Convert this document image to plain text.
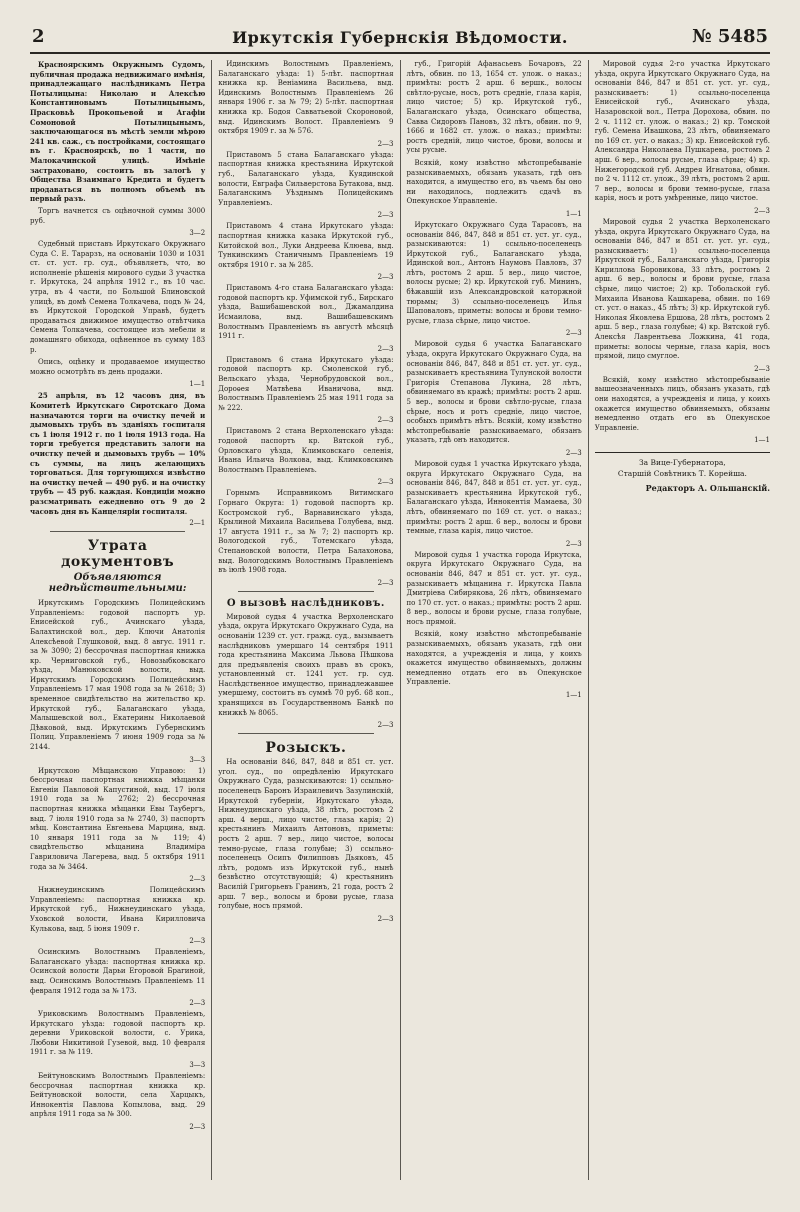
2	Иркутскія Губернскія Вѣдомости.	№ 5485

Красноярскимъ Окружнымъ Судомъ, публичная продажа недвижимаго имѣнія, принадлежащаго наслѣдникамъ Петра Потылицына: Николаю и Алексѣю Константиновымъ Потылицынымъ, Прасковьѣ Прокопьевой и Агафіи Сомоновой Потылицынымъ, заключающагося въ мѣстѣ земли мѣрою 241 кв. саж., съ постройками, состоящаго въ г. Красноярскѣ, по 1 части, по Малокачинской улицѣ. Имѣніе застраховано, состоитъ въ залогѣ у Общества Взаимнаго Кредита и будетъ продаваться въ полномъ объемѣ въ первый разъ.

Торгъ начнется съ оцѣночной суммы 3000 руб.

3—2

Судебный приставъ Иркутскаго Окружнаго Суда С. Е. Тарарзъ, на основаніи 1030 и 1031 ст. ст. уст. гр. суд., объявляетъ, что, во исполненіе рѣшенія мирового судьи 3 участка г. Иркутска, 24 апрѣля 1912 г., въ 10 час. утра, въ 4 части, по Большой Блиновской улицѣ, въ домѣ Семена Толкачева, подъ № 24, въ Иркутской Городской Управѣ, будетъ продаваться движимое имущество отвѣтчика Семена Толкачева, состоящее изъ мебели и домашняго обихода, оцѣненное въ сумму 183 р.

Опись, оцѣнку и продаваемое имущество можно осмотрѣть въ день продажи.

1—1

25 апрѣля, въ 12 часовъ дня, въ Комитетѣ Иркутскаго Сиротскаго Дома назначаются торги на очистку печей и дымовыхъ трубъ въ зданіяхъ госпиталя съ 1 іюля 1912 г. по 1 іюля 1913 года. На торги требуется представить залоги на очистку печей и дымовыхъ трубъ — 10% съ суммы, на лицъ желающихъ торговаться. Для торгующихся извѣстно на очистку печей — 490 руб. и на очистку трубъ — 45 руб. каждая. Кондиціи можно разсматривать ежедневно отъ 9 до 2 часовъ дня въ Канцеляріи госпиталя.

2—1
Утрата документовъ
Объявляются недѣйствительными:

Иркутскимъ Городскимъ Полицейскимъ Управленіемъ: годовой паспортъ ур. Енисейской губ., Ачинскаго уѣзда, Балахтинской вол., дер. Ключи Анатолія Алексѣевой Глушковой, выд. 8 авгус. 1911 г. за № 3090; 2) бессрочная паспортная книжка кр. Черниговской губ., Новозыбковскаго уѣзда, Манюковской волости, выд. Иркутскимъ Городскимъ Полицейскимъ Управленіемъ 17 мая 1908 года за № 2618; 3) временное свидѣтельство на жительство кр. Иркутской губ., Балаганскаго уѣзда, Малышевской вол., Екатерины Николаевой Дѣвковой, выд. Иркутскимъ Губернскимъ Полиц. Управленіемъ 7 июня 1909 года за № 2144.

3—3

Иркутскою Мѣщанскою Управою: 1) бессрочная паспортная книжка мѣщанки Евгеніи Павловой Капустиной, выд. 17 іюля 1910 года за № 2762; 2) бессрочная паспортная книжка мѣщанки Евы Таубергъ, выд. 7 іюля 1910 года за № 2740, 3) паспортъ мѣщ. Константина Евгеньева Марцина, выд. 10 января 1911 года за № 119; 4) свидѣтельство мѣщанина Владиміра Гавриловича Лагерева, выд. 5 октября 1911 года за № 3464.

2—3

Нижнеудинскимъ Полицейскимъ Управленіемъ: паспортная книжка кр. Иркутской губ., Нижнеудинскаго уѣзда, Уховской волости, Ивана Кирилловича Кулькова, выд. 5 іюня 1909 г.

2—3

Осинскимъ Волостнымъ Правленіемъ, Балаганскаго уѣзда: паспортная книжка кр. Осинской волости Дарьи Егоровой Брагиной, выд. Осинскимъ Волостнымъ Правленіемъ 11 февраля 1912 года за № 173.

2—3

Уриковскимъ Волостнымъ Правленіемъ, Иркутскаго уѣзда: годовой паспортъ кр. деревни Уриковской волости, с. Урика, Любови Никитиной Гузевой, выд. 10 февраля 1911 г. за № 119.

3—3

Бейтуновскимъ Волостнымъ Правленіемъ: бессрочная паспортная книжка кр. Бейтуновской волости, села Харцыкъ, Иннокентія Павлова Копылова, выд. 29 апрѣля 1911 года за № 300.

2—3

Идинскимъ Волостнымъ Правленіемъ, Балаганскаго уѣзда: 1) 5-лѣт. паспортная книжка кр. Веніамина Васильева, выд. Идинскимъ Волостнымъ Правленіемъ 26 января 1906 г. за № 79; 2) 5-лѣт. паспортная книжка кр. Бодоя Савватьевой Скороновой, выд. Идинскимъ Волост. Правленіемъ 9 октября 1909 г. за № 576.

2—3

Приставомъ 5 стана Балаганскаго уѣзда: паспортная книжка крестьянина Иркутской губ., Балаганскаго уѣзда, Куядинской волости, Евграфа Сильверстова Бутакова, выд. Балаганскимъ Уѣзднымъ Полицейскимъ Управленіемъ.

2—3

Приставомъ 4 стана Иркутскаго уѣзда: паспортная книжка казака Иркутской губ., Китойской вол., Луки Андреева Клюева, выд. Тункинскимъ Станичнымъ Правленіемъ 19 октября 1910 г. за № 285.

2—3

Приставомъ 4-го стана Балаганскаго уѣзда: годовой паспортъ кр. Уфимской губ., Бирскаго уѣзда, Вашибашевской вол., Джамалдина Исмаилова, выд. Вашибашевскимъ Волостнымъ Правленіемъ въ августѣ мѣсяцѣ 1911 г.

2—3

Приставомъ 6 стана Иркутскаго уѣзда: годовой паспортъ кр. Смоленской губ., Вельскаго уѣзда, Чернобрудовской вол., Дороѳея Матвѣева Иваничова, выд. Волостнымъ Правленіемъ 25 мая 1911 года за № 222.

2—3

Приставомъ 2 стана Верхоленскаго уѣзда: годовой паспортъ кр. Вятской губ., Орловскаго уѣзда, Климковскаго селенія, Ивана Ильича Волкова, выд. Климковскимъ Волостнымъ Правленіемъ.

2—3

Горнымъ Исправникомъ Витимскаго Горнаго Округа: 1) годовой паспортъ кр. Костромской губ., Варнавинскаго уѣзда, Крылиной Михаила Васильева Голубева, выд. 17 августа 1911 г., за № 7; 2) паспортъ кр. Вологодской губ., Тотемскаго уѣзда, Степановской волости, Петра Балахонова, выд. Вологодскимъ Волостнымъ Правленіемъ въ іюлѣ 1908 года.

2—3
О вызовѣ наслѣдниковъ.

Мировой судья 4 участка Верхоленскаго уѣзда, округа Иркутскаго Окружнаго Суда, на основаніи 1239 ст. уст. гражд. суд., вызываетъ наслѣдниковъ умершаго 14 сентября 1911 года крестьянина Максима Львова Пѣшкова для предъявленія своихъ правъ въ срокъ, установленный ст. 1241 уст. гр. суд. Наслѣдственное имущество, принадлежавшее умершему, состоитъ въ суммѣ 70 руб. 68 коп., хранящихся въ Государственномъ Банкѣ по книжкѣ № 8065.

2—3
Розыскъ.

На основаніи 846, 847, 848 и 851 ст. уст. угол. суд., по опредѣленію Иркутскаго Окружнаго Суда, разыскиваются: 1) ссыльно-поселенецъ Баронъ Израилевичъ Зазулинскій, Иркутской губерніи, Иркутскаго уѣзда, Нижнеудинскаго уѣзда, 38 лѣтъ, ростомъ 2 арш. 4 верш., лицо чистое, глаза карія; 2) крестьянинъ Михаилъ Антоновъ, приметы: ростъ 2 арш. 7 вер., лицо чистое, волосы темно-русые, глаза голубые; 3) ссыльно-поселенецъ Осипъ Филипповъ Дьяковъ, 45 лѣтъ, родомъ изъ Иркутской губ., нынѣ безвѣстно отсутствующій; 4) крестьянинъ Василій Григорьевъ Гранинъ, 21 года, ростъ 2 арш. 7 вер., волосы и брови русые, глаза голубые, носъ прямой.

2—3

губ., Григорій Афанасьевъ Бочаровъ, 22 лѣтъ, обвин. по 13, 1654 ст. улож. о наказ.; примѣты: ростъ 2 арш. 6 вершк., волосы свѣтло-русые, носъ, ротъ средніе, глаза карія, лицо чистое; 5) кр. Иркутской губ., Балаганскаго уѣзда, Осинскаго общества, Савва Сидоровъ Пановъ, 32 лѣтъ, обвин. по 9, 1666 и 1682 ст. улож. о наказ.; примѣты: ростъ средній, лицо чистое, брови, волосы и усы русые.

Всякій, кому извѣстно мѣстопребываніе разыскиваемыхъ, обязанъ указать, гдѣ онъ находится, а имущество его, въ чьемъ бы оно ни находилось, подлежитъ сдачѣ въ Опекунское Управленіе.

1—1

Иркутскаго Окружнаго Суда Тарасовъ, на основаніи 846, 847, 848 и 851 ст. уст. уг. суд., разыскиваются: 1) ссыльно-поселенецъ Иркутской губ., Балаганскаго уѣзда, Идинской вол., Антонъ Наумовъ Павловъ, 37 лѣтъ, ростомъ 2 арш. 5 вер., лицо чистое, волосы русые; 2) кр. Иркутской губ. Мининъ, бѣжавшій изъ Александровской каторжной тюрьмы; 3) ссыльно-поселенецъ Илья Шаповаловъ, приметы: волосы и брови темно-русые, глаза сѣрые, лицо чистое.

2—3

Мировой судья 6 участка Балаганскаго уѣзда, округа Иркутскаго Окружнаго Суда, на основаніи 846, 847, 848 и 851 ст. уст. уг. суд., разыскиваетъ крестьянина Тулунской волости Григорія Степанова Лукина, 28 лѣтъ, обвиняемаго въ кражѣ; примѣты: ростъ 2 арш. 5 вер., волосы и брови свѣтло-русые, глаза сѣрые, носъ и ротъ средніе, лицо чистое, особыхъ примѣтъ нѣтъ. Всякій, кому извѣстно мѣстопребываніе разыскиваемаго, обязанъ указать, гдѣ онъ находится.

2—3

Мировой судья 1 участка Иркутскаго уѣзда, округа Иркутскаго Окружнаго Суда, на основаніи 846, 847, 848 и 851 ст. уст. уг. суд., разыскиваетъ крестьянина Иркутской губ., Балаганскаго уѣзда, Иннокентія Мамаева, 30 лѣтъ, обвиняемаго по 169 ст. уст. о наказ.; примѣты: ростъ 2 арш. 6 вер., волосы и брови темные, глаза карія, лицо чистое.

2—3

Мировой судья 1 участка города Иркутска, округа Иркутскаго Окружнаго Суда, на основаніи 846, 847 и 851 ст. уст. уг. суд., разыскиваетъ мѣщанина г. Иркутска Павла Дмитріева Сибирякова, 26 лѣтъ, обвиняемаго по 170 ст. уст. о наказ.; примѣты: ростъ 2 арш. 8 вер., волосы и брови русые, глаза голубые, носъ прямой.

Всякій, кому извѣстно мѣстопребываніе разыскиваемыхъ, обязанъ указать, гдѣ они находятся, а учрежденія и лица, у коихъ окажется имущество обвиняемыхъ, должны немедленно отдать его въ Опекунское Управленіе.

1—1

Мировой судья 2-го участка Иркутскаго уѣзда, округа Иркутскаго Окружнаго Суда, на основаніи 846, 847 и 851 ст. уст. уг. суд., разыскиваетъ: 1) ссыльно-поселенца Енисейской губ., Ачинскаго уѣзда, Назаровской вол., Петра Дорохова, обвин. по 2 ч. 1112 ст. улож. о наказ.; 2) кр. Томской губ. Семена Ивашкова, 23 лѣтъ, обвиняемаго по 169 ст. уст. о наказ.; 3) кр. Енисейской губ. Александра Николаева Пушкарева, ростомъ 2 арш. 6 вер., волосы русые, глаза сѣрые; 4) кр. Нижегородской губ. Андрея Игнатова, обвин. по 2 ч. 1112 ст. улож., 39 лѣтъ, ростомъ 2 арш. 7 вер., волосы и брови темно-русые, глаза карія, носъ и ротъ умѣренные, лицо чистое.

2—3

Мировой судья 2 участка Верхоленскаго уѣзда, округа Иркутскаго Окружнаго Суда, на основаніи 846, 847 и 851 ст. уст. уг. суд., разыскиваетъ: 1) ссыльно-поселенца Иркутской губ., Балаганскаго уѣзда, Григорія Кириллова Боровикова, 33 лѣтъ, ростомъ 2 арш. 6 вер., волосы и брови русые, глаза сѣрые, лицо чистое; 2) кр. Тобольской губ. Михаила Иванова Кашкарева, обвин. по 169 ст. уст. о наказ., 45 лѣтъ; 3) кр. Иркутской губ. Николая Яковлева Ершова, 28 лѣтъ, ростомъ 2 арш. 5 вер., глаза голубые; 4) кр. Вятской губ. Алексѣя Лаврентьева Ложкина, 41 года, приметы: волосы черные, глаза карія, носъ прямой, лицо смуглое.

2—3

Всякій, кому извѣстно мѣстопребываніе вышеозначенныхъ лицъ, обязанъ указать, гдѣ они находятся, а учрежденія и лица, у коихъ окажется имущество обвиняемыхъ, обязаны немедленно отдать его въ Опекунское Управленіе.

1—1
За Вице-Губернатора,
Старшій Совѣтникъ Т. Корейша.
Редакторъ А. Ольшанскій.
